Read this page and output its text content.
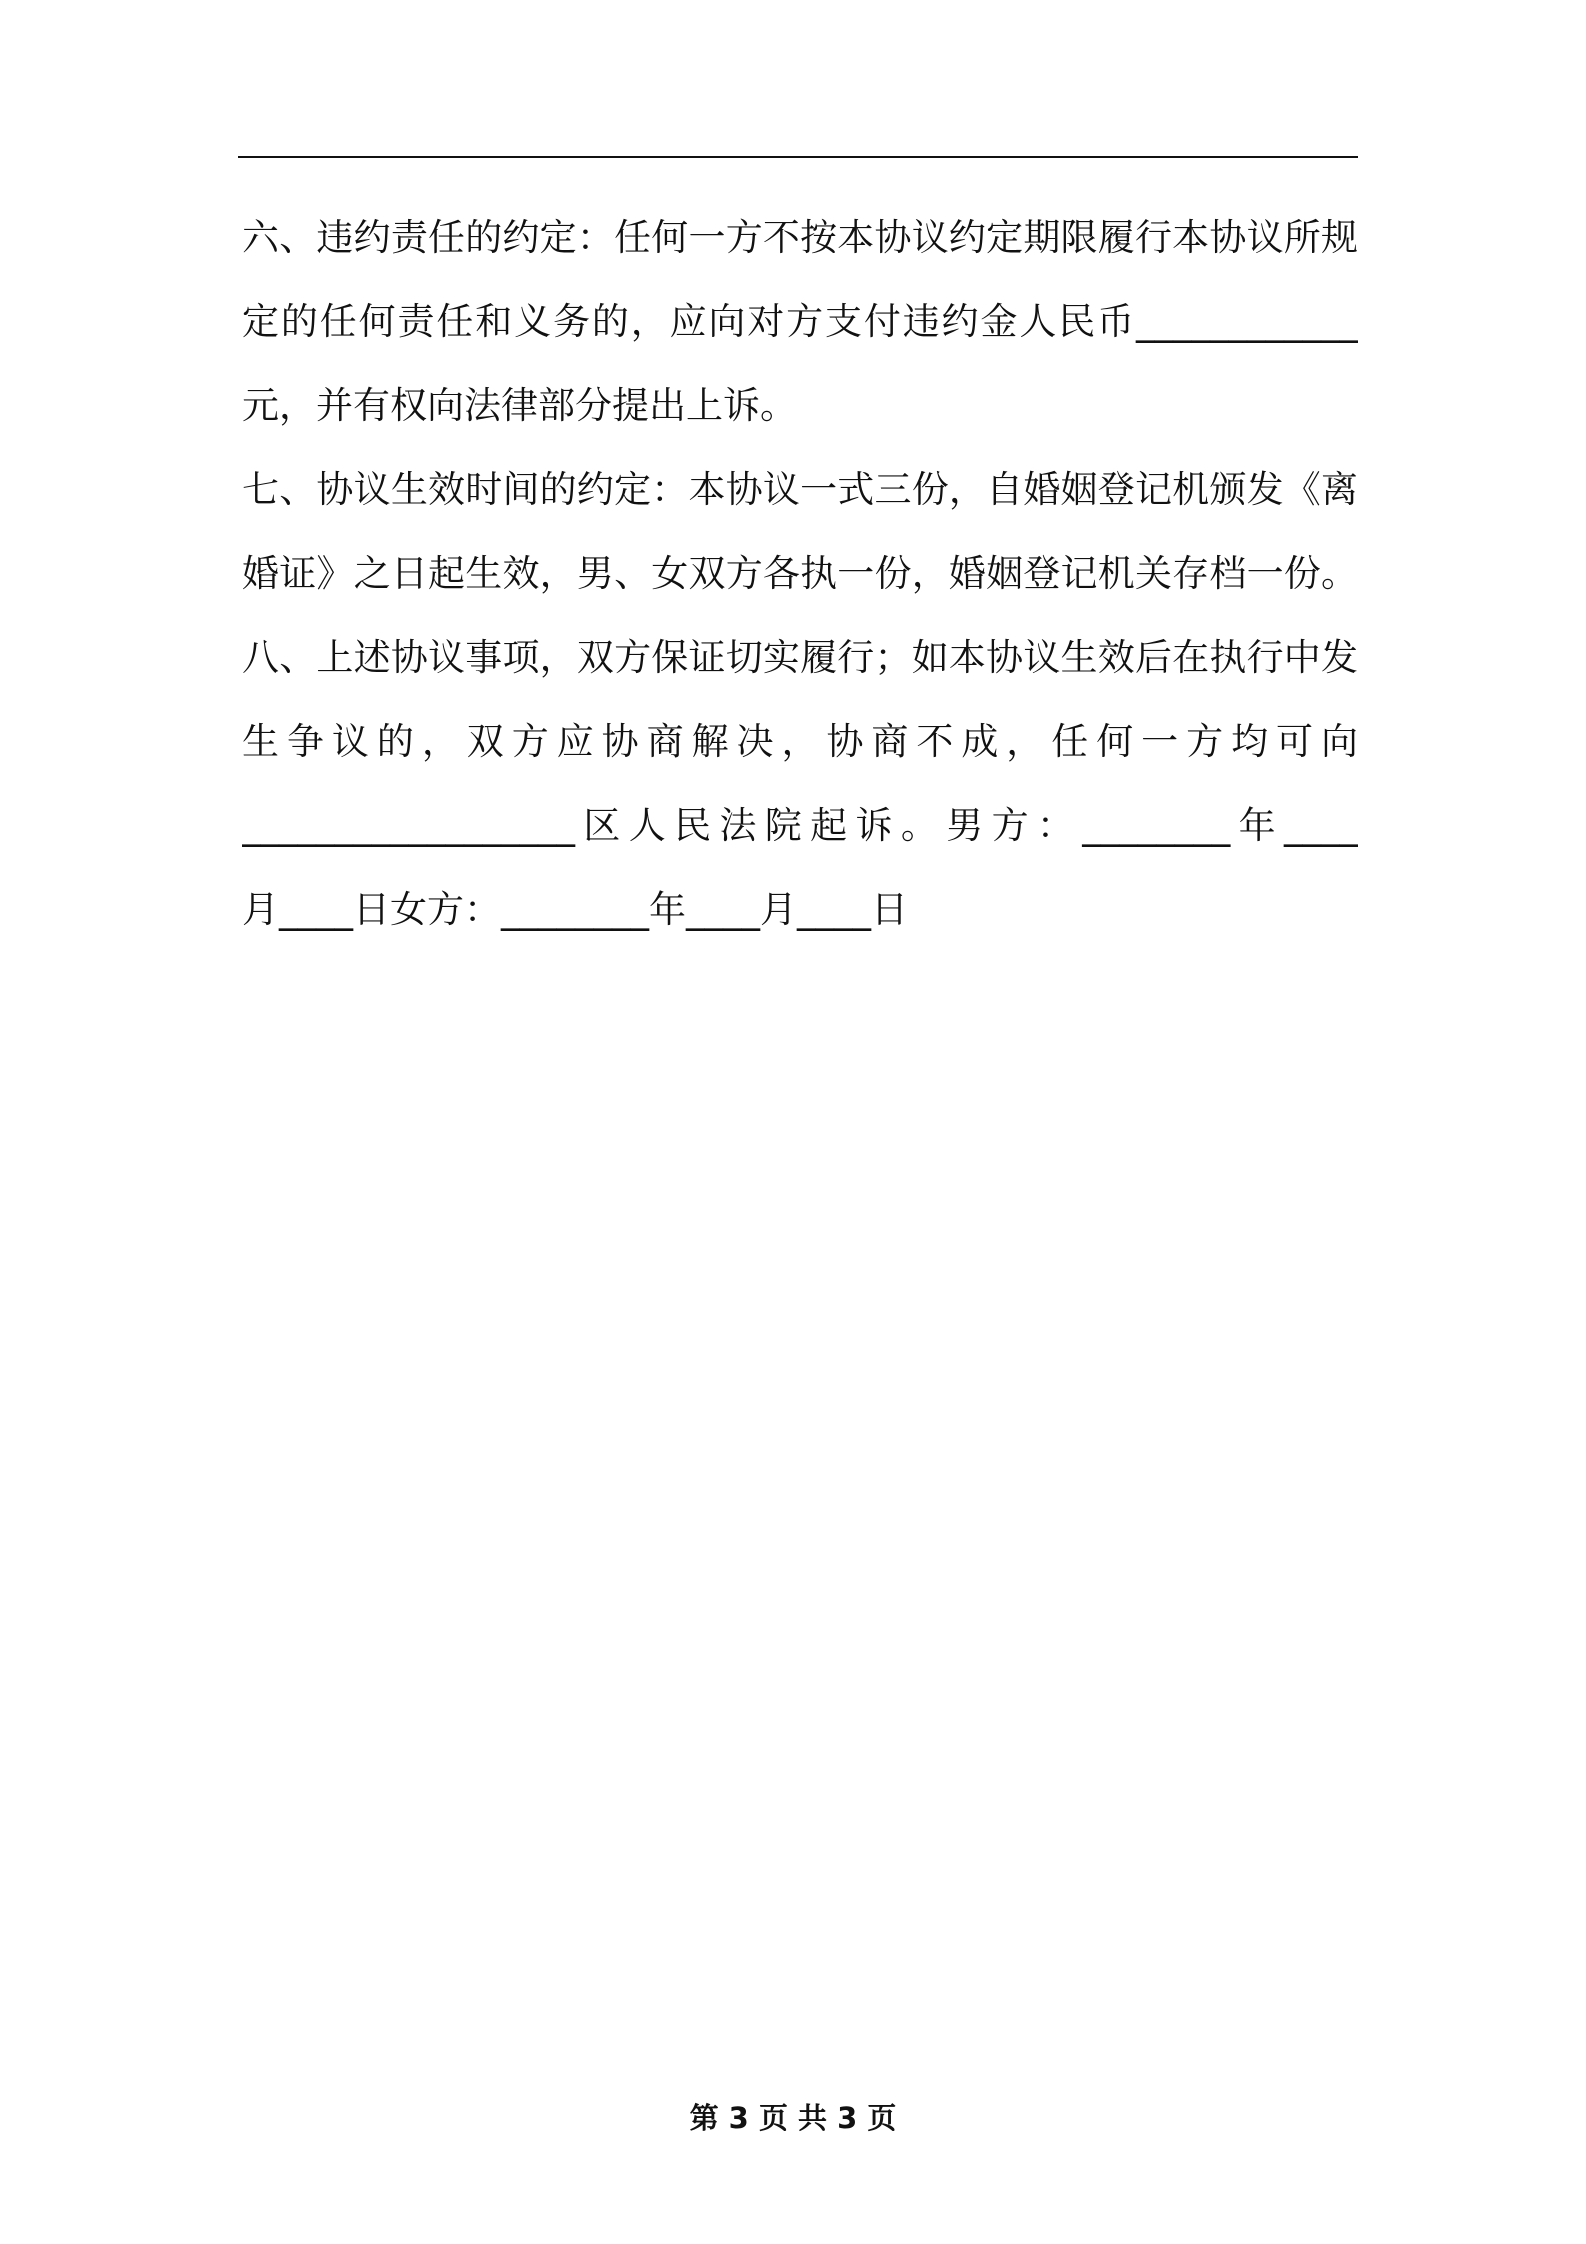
六、违约责任的约定：任何一方不按本协议约定期限履行本协议所规
定的任何责任和义务的，应向对方支付违约金人民币____________
元，并有权向法律部分提出上诉。
七、协议生效时间的约定：本协议一式三份，自婚姻登记机颁发《离
婚证》之日起生效，男、女双方各执一份，婚姻登记机关存档一份。
八、上述协议事项，双方保证切实履行；如本协议生效后在执行中发
生争议的，双方应协商解决，协商不成，任何一方均可向
__________________区人民法院起诉。男方：________年____
月____日女方：________年____月____日
第 3 页 共 3 页
